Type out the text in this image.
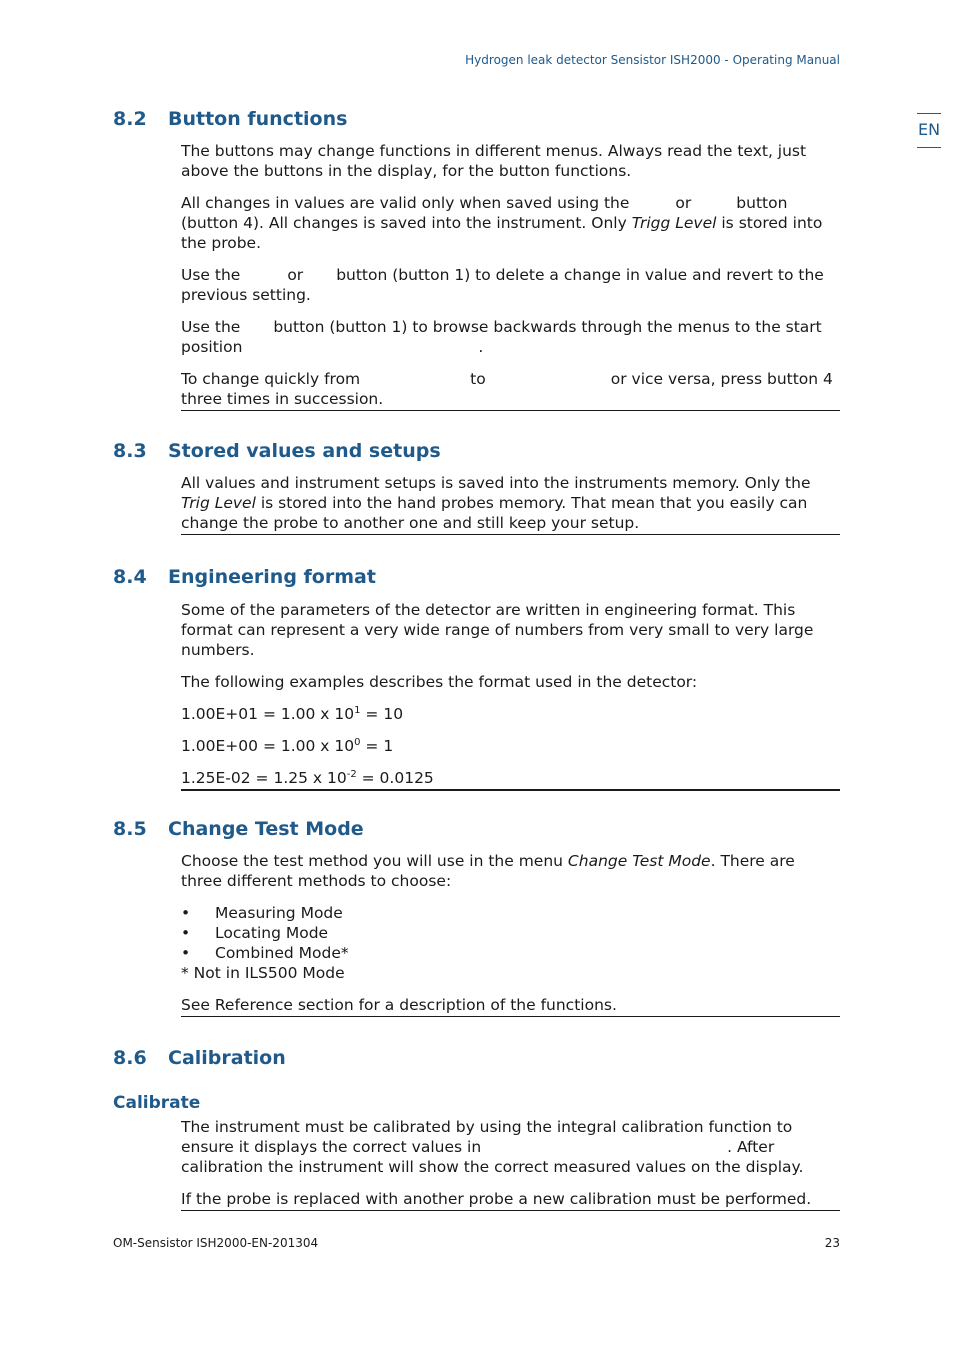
Hydrogen leak detector Sensistor ISH2000 - Operating Manual
EN
8.2 Button functions

The buttons may change functions in different menus. Always read the text, just above the buttons in the display, for the button functions.

All changes in values are valid only when saved using the	or	button (button 4). All changes is saved into the instrument. Only Trigg Level is stored into the probe.

Use the	or button (button 1) to delete a change in value and revert to the previous setting.

Use the button (button 1) to browse backwards through the menus to the start position	.

To change quickly from	to	or vice versa, press button 4 three times in succession.

8.3 Stored values and setups

All values and instrument setups is saved into the instruments memory. Only the Trig Level is stored into the hand probes memory. That mean that you easily can change the probe to another one and still keep your setup.

8.4 Engineering format

Some of the parameters of the detector are written in engineering format. This format can represent a very wide range of numbers from very small to very large numbers.

The following examples describes the format used in the detector:

1.00E+01 = 1.00 x $10^1 = 10$

1.00E+00 = 1.00 x $10^0 = 1$

1.25E-02 = 1.25 x $10^{-2} = 0.0125$

8.5 Change Test Mode

Choose the test method you will use in the menu Change Test Mode. There are three different methods to choose:

• Measuring Mode
• Locating Mode
• Combined Mode*

* Not in ILS500 Mode

See Reference section for a description of the functions.

8.6 Calibration
Calibrate

The instrument must be calibrated by using the integral calibration function to ensure it displays the correct values in	. After calibration the instrument will show the correct measured values on the display.

If the probe is replaced with another probe a new calibration must be performed.

OM-Sensistor ISH2000-EN-201304	23
